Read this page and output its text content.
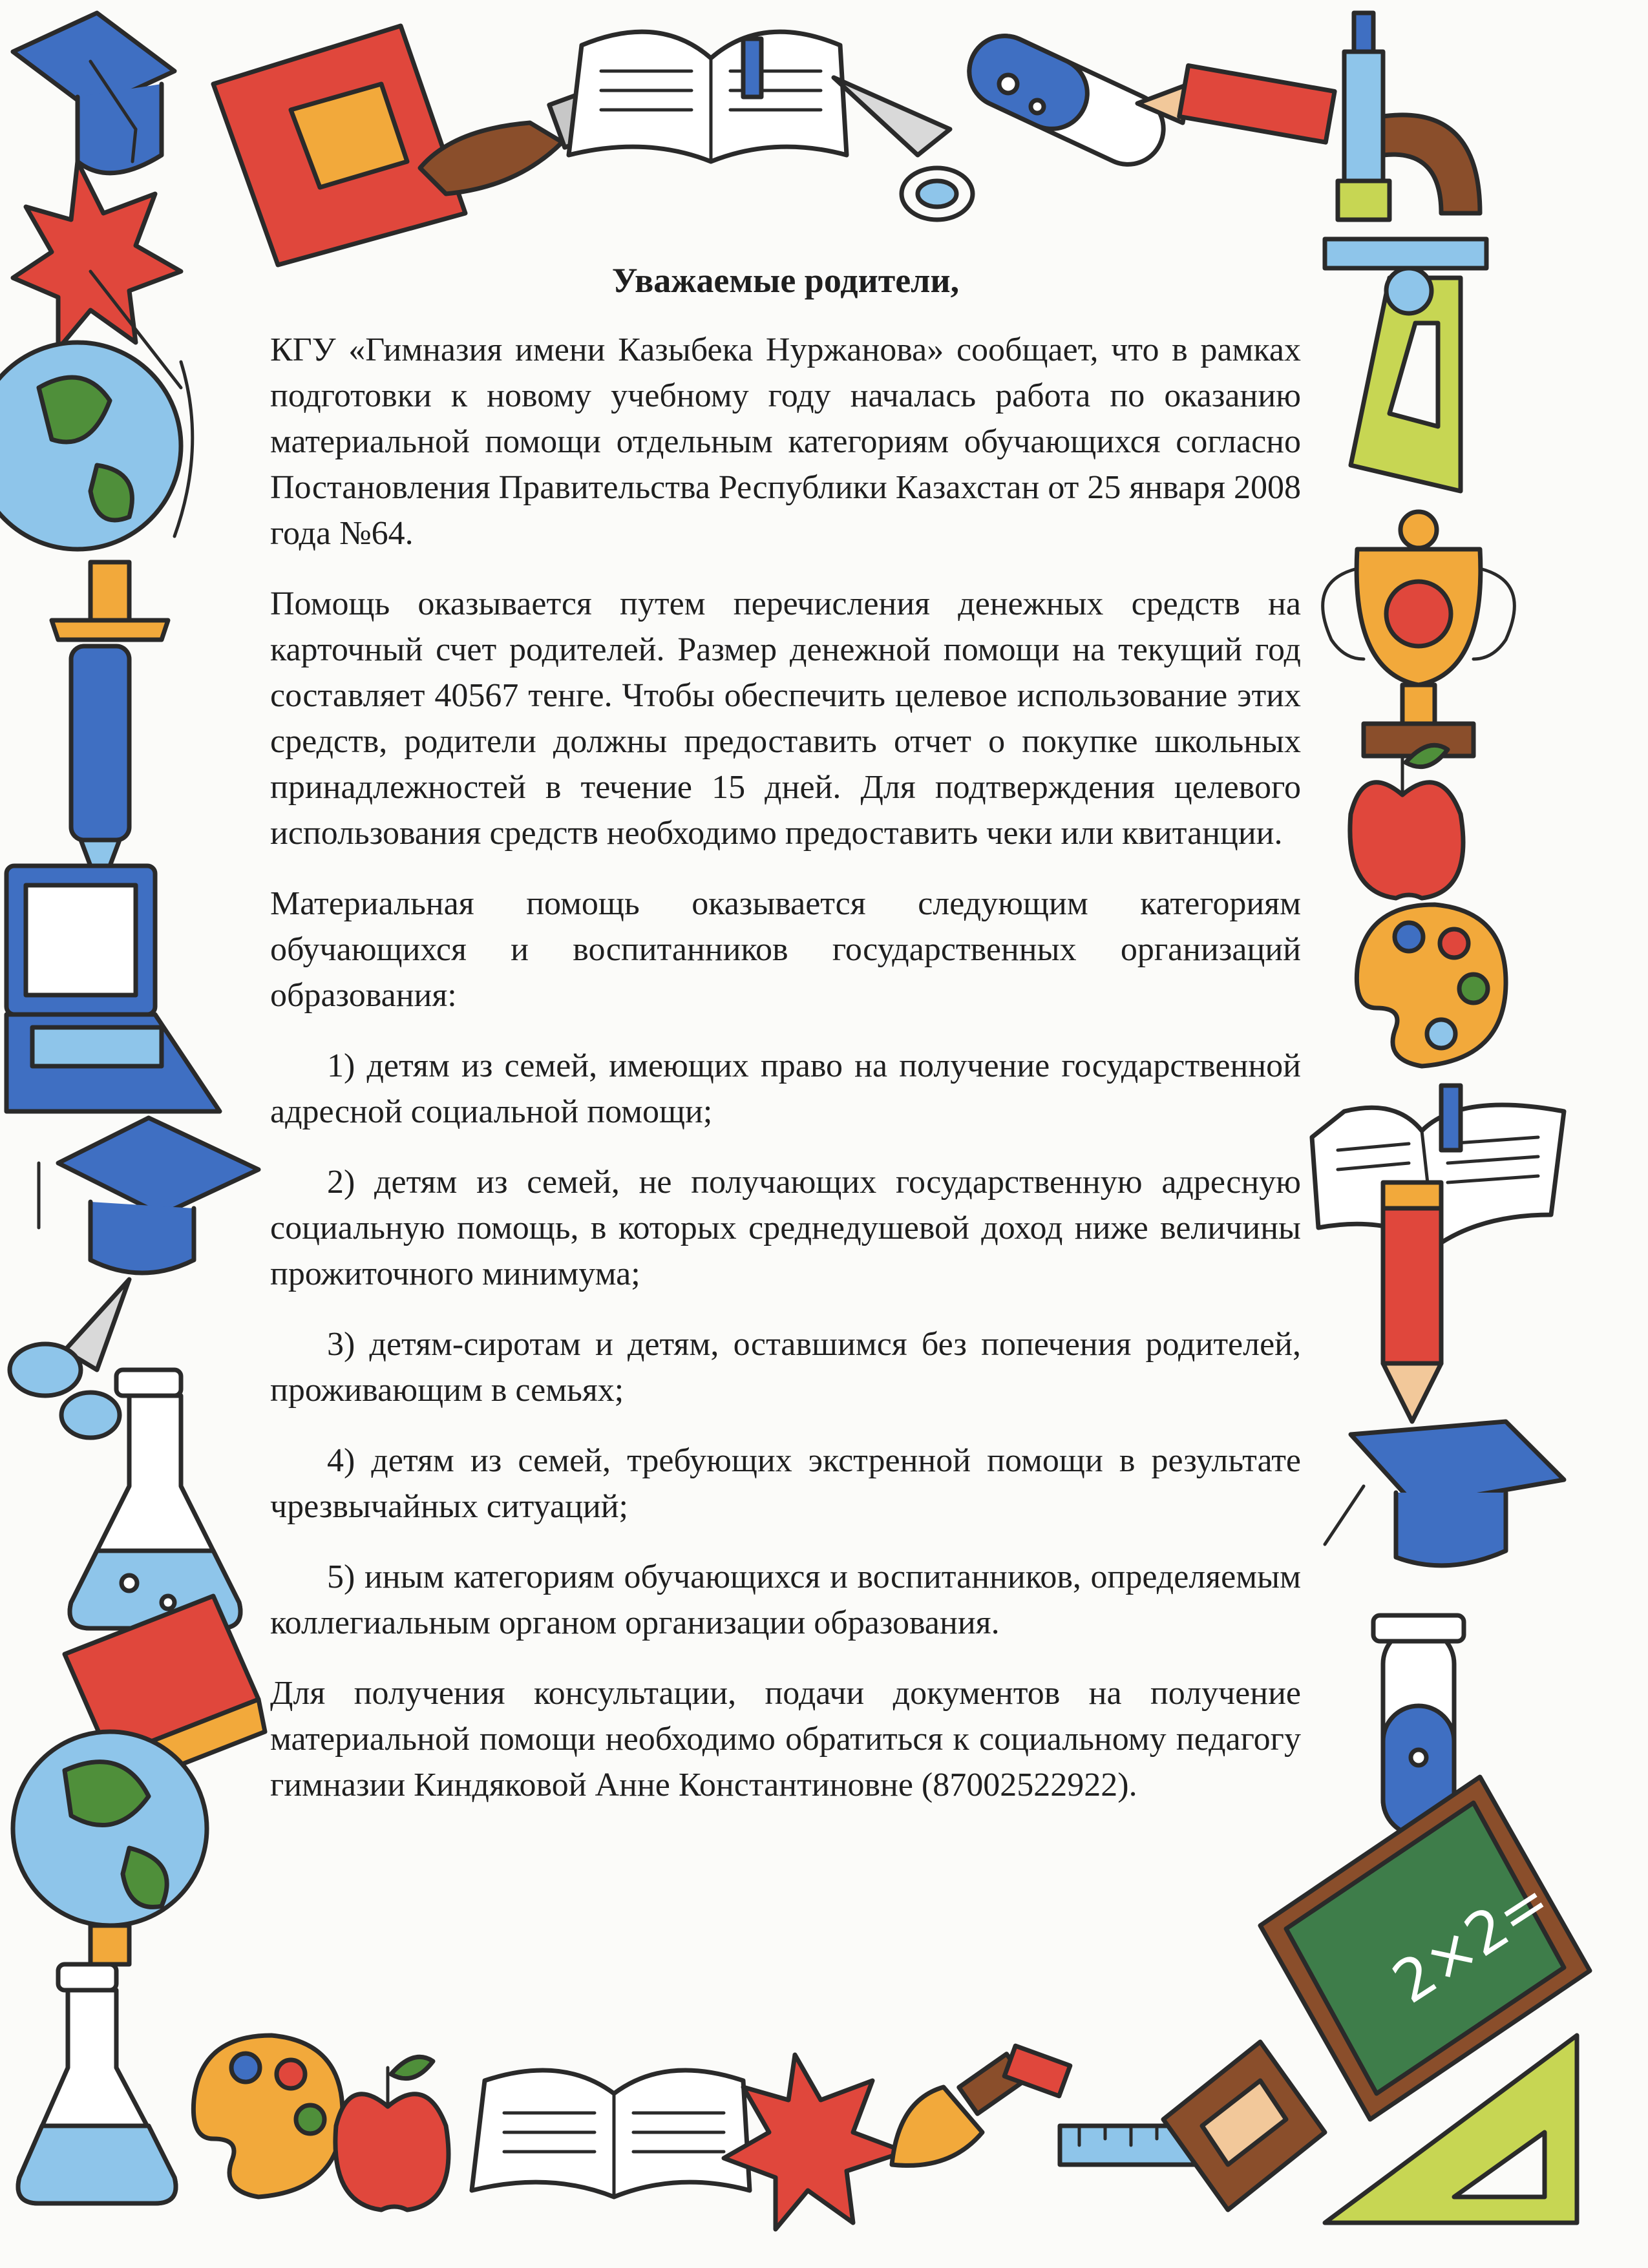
2×2=
Уважаемые родители,

КГУ «Гимназия имени Казыбека Нуржанова» сообщает, что в рамках подготовки к новому учебному году началась работа по оказанию материальной помощи отдельным категориям обучающихся согласно Постановления Правительства Республики Казахстан от 25 января 2008 года №64.

Помощь оказывается путем перечисления денежных средств на карточный счет родителей. Размер денежной помощи на текущий год составляет 40567 тенге. Чтобы обеспечить целевое использование этих средств, родители должны предоставить отчет о покупке школьных принадлежностей в течение 15 дней. Для подтверждения целевого использования средств необходимо предоставить чеки или квитанции.

Материальная помощь оказывается следующим категориям обучающихся и воспитанников государственных организаций образования:

1) детям из семей, имеющих право на получение государственной адресной социальной помощи;

2) детям из семей, не получающих государственную адресную социальную помощь, в которых среднедушевой доход ниже величины прожиточного минимума;

3) детям-сиротам и детям, оставшимся без попечения родителей, проживающим в семьях;

4) детям из семей, требующих экстренной помощи в результате чрезвычайных ситуаций;

5) иным категориям обучающихся и воспитанников, определяемым коллегиальным органом организации образования.

Для получения консультации, подачи документов на получение материальной помощи необходимо обратиться к социальному педагогу гимназии Киндяковой Анне Константиновне (87002522922).
